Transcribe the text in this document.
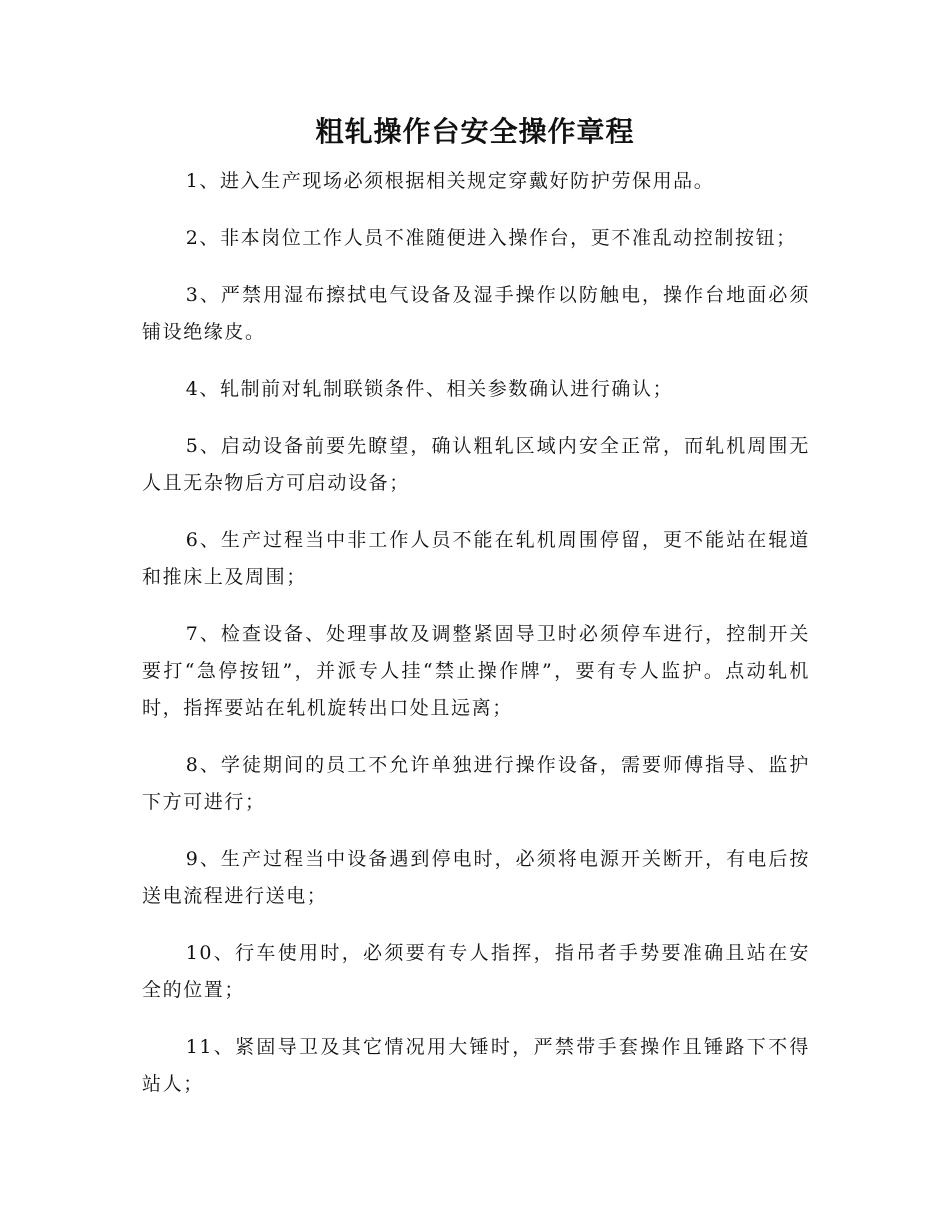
粗轧操作台安全操作章程

1、进入生产现场必须根据相关规定穿戴好防护劳保用品。

2、非本岗位工作人员不准随便进入操作台，更不准乱动控制按钮；

3、严禁用湿布擦拭电气设备及湿手操作以防触电，操作台地面必须铺设绝缘皮。

4、轧制前对轧制联锁条件、相关参数确认进行确认；

5、启动设备前要先瞭望，确认粗轧区域内安全正常，而轧机周围无人且无杂物后方可启动设备；

6、生产过程当中非工作人员不能在轧机周围停留，更不能站在辊道和推床上及周围；

7、检查设备、处理事故及调整紧固导卫时必须停车进行，控制开关要打“急停按钮”，并派专人挂“禁止操作牌”，要有专人监护。点动轧机时，指挥要站在轧机旋转出口处且远离；

8、学徒期间的员工不允许单独进行操作设备，需要师傅指导、监护下方可进行；

9、生产过程当中设备遇到停电时，必须将电源开关断开，有电后按送电流程进行送电；

10、行车使用时，必须要有专人指挥，指吊者手势要准确且站在安全的位置；

11、紧固导卫及其它情况用大锤时，严禁带手套操作且锤路下不得站人；
